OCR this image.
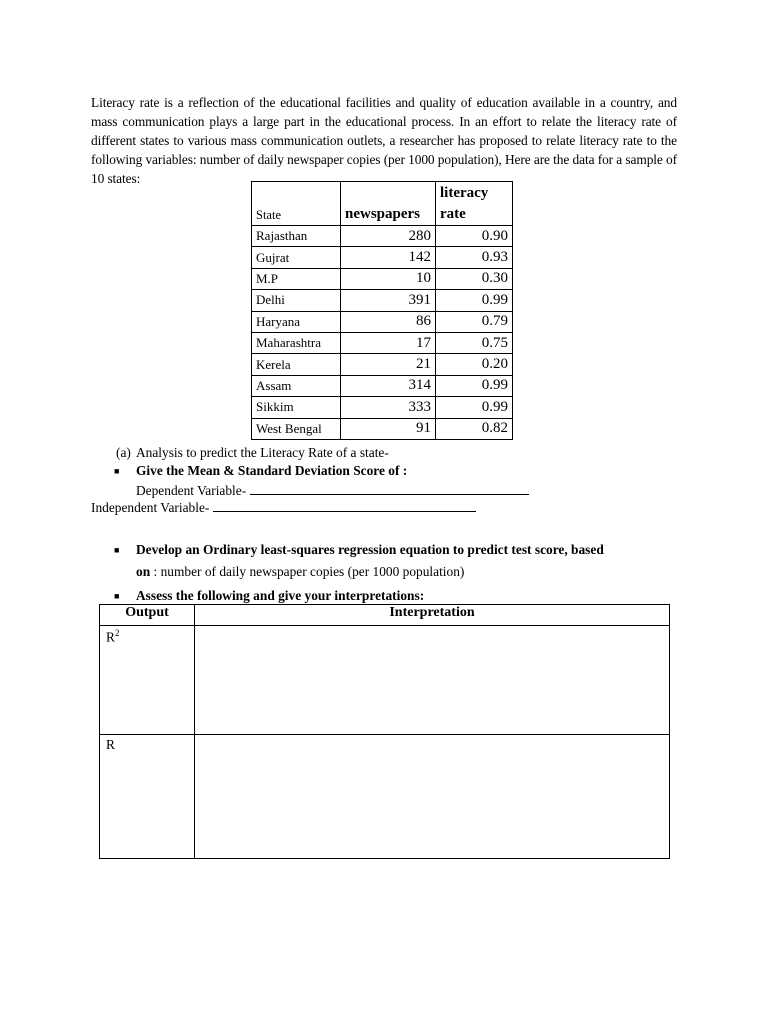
Literacy rate is a reflection of the educational facilities and quality of education available in a country, and mass communication plays a large part in the educational process. In an effort to relate the literacy rate of different states to various mass communication outlets, a researcher has proposed to relate literacy rate to the following variables: number of daily newspaper copies (per 1000 population), Here are the data for a sample of 10 states:

State	newspapers	literacy rate
Rajasthan	280	0.90
Gujrat	142	0.93
M.P	10	0.30
Delhi	391	0.99
Haryana	86	0.79
Maharashtra	17	0.75
Kerela	21	0.20
Assam	314	0.99
Sikkim	333	0.99
West Bengal	91	0.82
(a) Analysis to predict the Literacy Rate of a state-
■ Give the Mean & Standard Deviation Score of :
Dependent Variable-
Independent Variable-
■ Develop an Ordinary least-squares regression equation to predict test score, based
on : number of daily newspaper copies (per 1000 population)
■ Assess the following and give your interpretations:
Output	Interpretation
$R^2$	
R	
